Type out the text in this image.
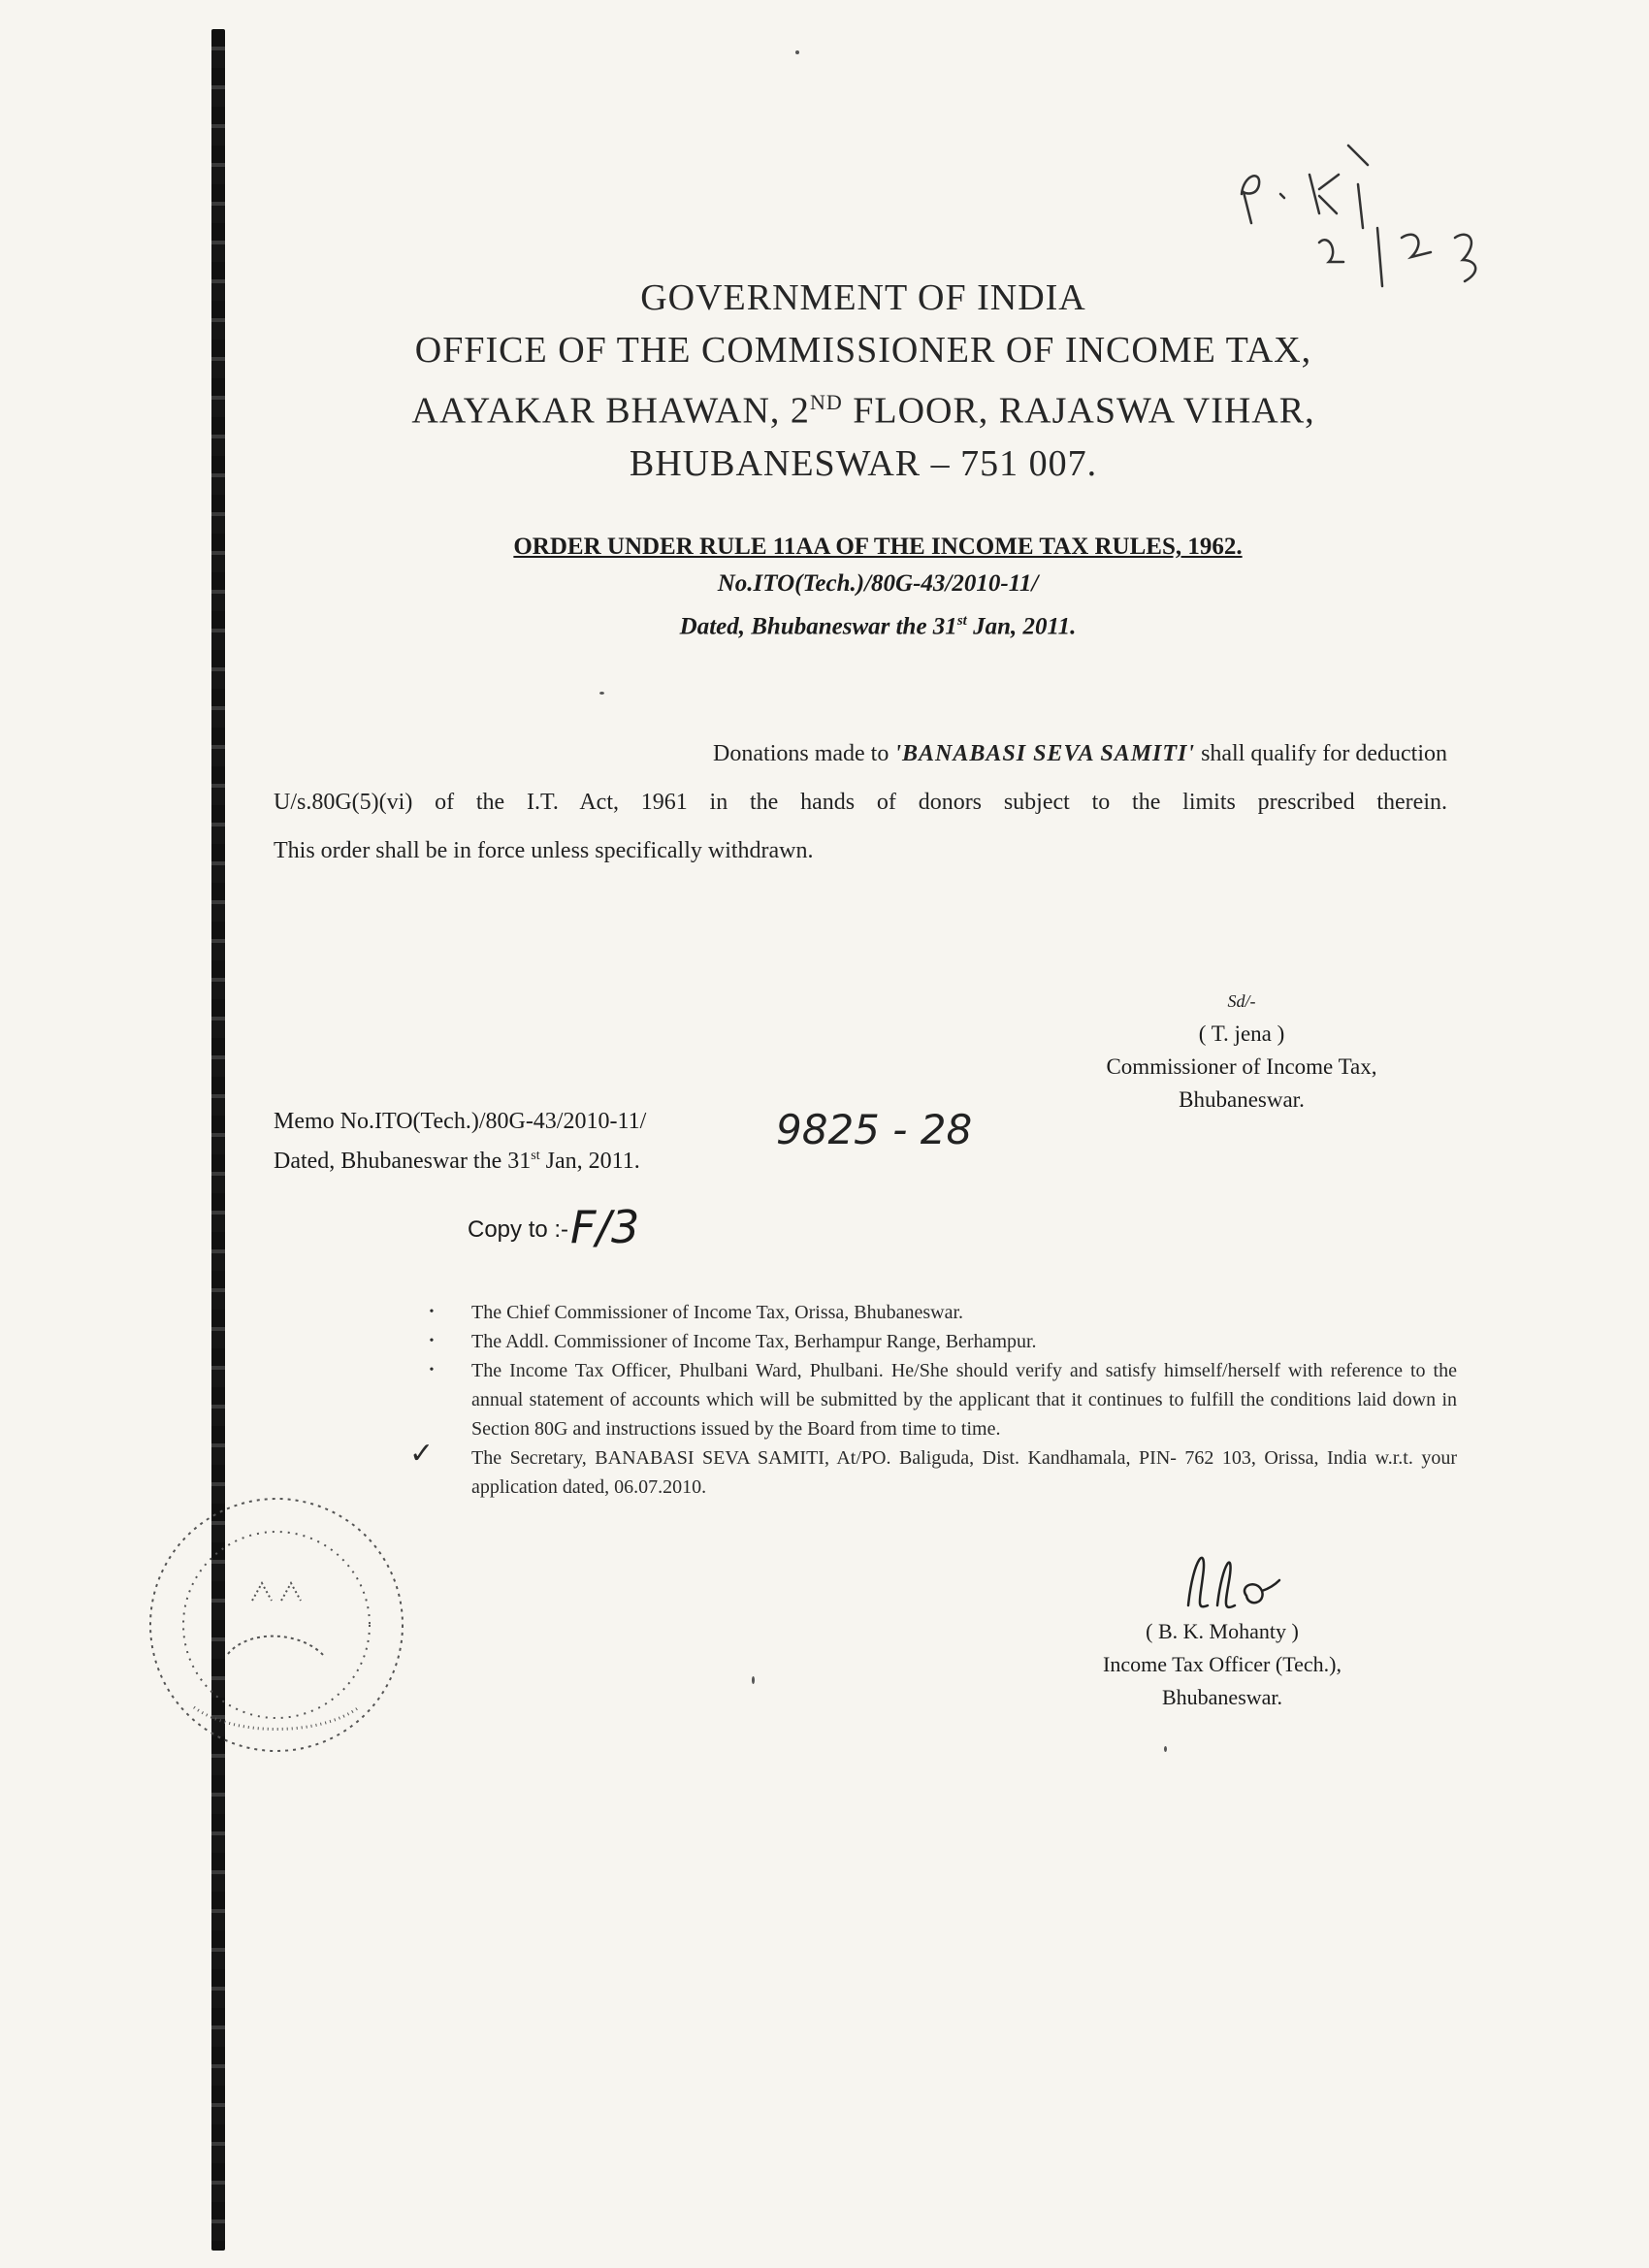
GOVERNMENT OF INDIA
OFFICE OF THE COMMISSIONER OF INCOME TAX,
AAYAKAR BHAWAN, 2ND FLOOR, RAJASWA VIHAR,
BHUBANESWAR – 751 007.
ORDER UNDER RULE 11AA OF THE INCOME TAX RULES, 1962.
No.ITO(Tech.)/80G-43/2010-11/
Dated, Bhubaneswar the 31st Jan, 2011.
Donations made to 'BANABASI SEVA SAMITI' shall qualify for deduction
U/s.80G(5)(vi) of the I.T. Act, 1961 in the hands of donors subject to the limits prescribed therein.
This order shall be in force unless specifically withdrawn.
Sd/-
( T. jena )
Commissioner of Income Tax,
Bhubaneswar.
Memo No.ITO(Tech.)/80G-43/2010-11/
Dated, Bhubaneswar the 31st Jan, 2011.
9825 - 28
Copy to :-F/3
•	The Chief Commissioner of Income Tax, Orissa, Bhubaneswar.
•	The Addl. Commissioner of Income Tax, Berhampur Range, Berhampur.
•	The Income Tax Officer, Phulbani Ward, Phulbani. He/She should verify and satisfy himself/herself with reference to the annual statement of accounts which will be submitted by the applicant that it continues to fulfill the conditions laid down in Section 80G and instructions issued by the Board from time to time.
✓ The Secretary, BANABASI SEVA SAMITI, At/PO. Baliguda, Dist. Kandhamala, PIN- 762 103, Orissa, India w.r.t. your application dated, 06.07.2010.
( B. K. Mohanty )
Income Tax Officer (Tech.),
Bhubaneswar.
